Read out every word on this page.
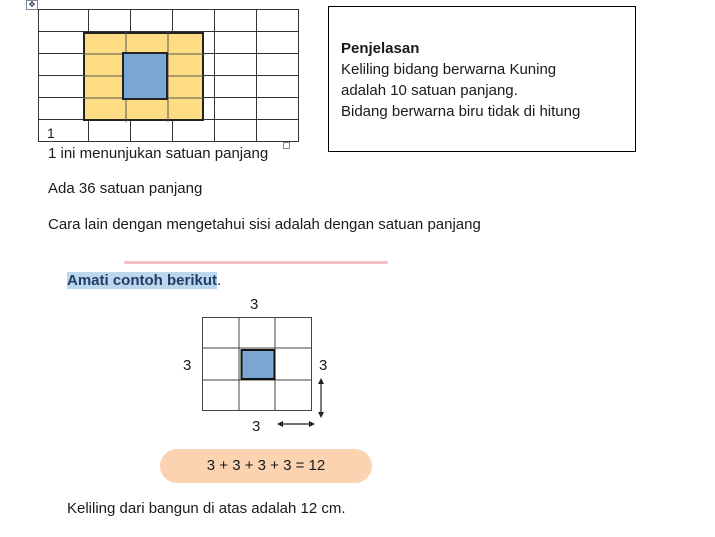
✥

1					
1 ini menunjukan satuan panjang

Penjelasan

Keliling bidang berwarna Kuning

adalah 10 satuan panjang.

Bidang berwarna biru tidak di hitung

Ada 36 satuan panjang
Cara lain dengan mengetahui sisi adalah dengan satuan panjang
Amati contoh berikut.
3
3	3
3
3 + 3 + 3 + 3 = 12
Keliling dari bangun di atas adalah 12 cm.
